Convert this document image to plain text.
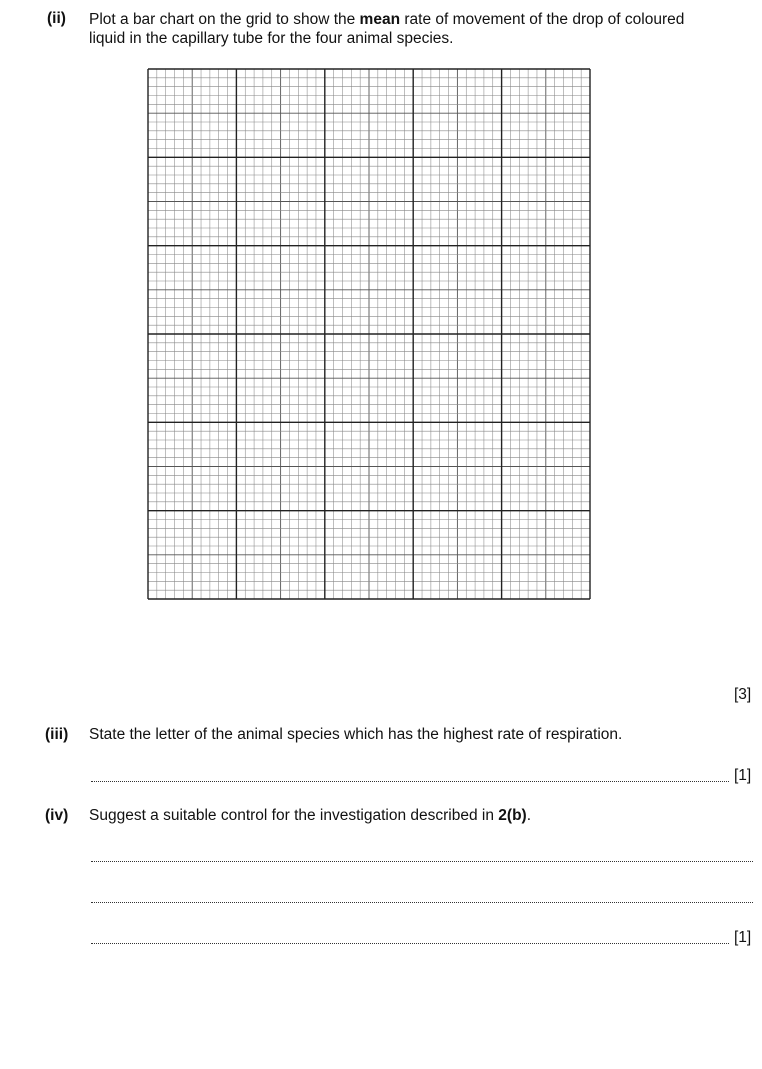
(ii) Plot a bar chart on the grid to show the mean rate of movement of the drop of coloured
liquid in the capillary tube for the four animal species.
[3]
(iii) State the letter of the animal species which has the highest rate of respiration.
[1]
(iv) Suggest a suitable control for the investigation described in 2(b).
[1]
